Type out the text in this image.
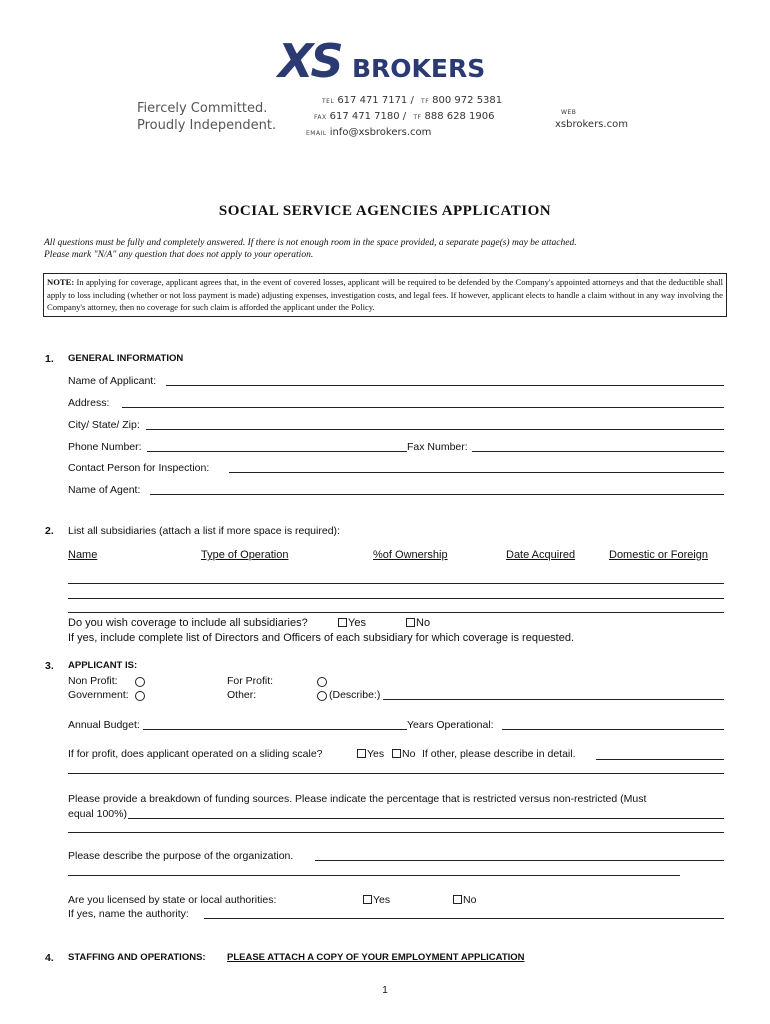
XS BROKERS
Fiercely Committed.
Proudly Independent.
TEL 617 471 7171 / TF 800 972 5381
FAX 617 471 7180 / TF 888 628 1906
EMAIL info@xsbrokers.com
WEB
xsbrokers.com
SOCIAL SERVICE AGENCIES APPLICATION
All questions must be fully and completely answered. If there is not enough room in the space provided, a separate page(s) may be attached.
Please mark "N/A" any question that does not apply to your operation.
NOTE: In applying for coverage, applicant agrees that, in the event of covered losses, applicant will be required to be defended by the Company's appointed attorneys and that the deductible shall apply to loss including (whether or not loss payment is made) adjusting expenses, investigation costs, and legal fees. If however, applicant elects to handle a claim without in any way involving the Company's attorney, then no coverage for such claim is afforded the applicant under the Policy.
1. GENERAL INFORMATION
Name of Applicant:
Address:
City/ State/ Zip:
Phone Number:	Fax Number:
Contact Person for Inspection:
Name of Agent:
2. List all subsidiaries (attach a list if more space is required):
Name	Type of Operation	%of Ownership	Date Acquired	Domestic or Foreign
Do you wish coverage to include all subsidiaries?	Yes	No
If yes, include complete list of Directors and Officers of each subsidiary for which coverage is requested.
3. APPLICANT IS:
Non Profit:
Government:
For Profit:
Other:	(Describe:)
Annual Budget:	Years Operational:
If for profit, does applicant operated on a sliding scale?	Yes	No If other, please describe in detail.
Please provide a breakdown of funding sources. Please indicate the percentage that is restricted versus non-restricted (Must
equal 100%)
Please describe the purpose of the organization.
Are you licensed by state or local authorities:	Yes	No
If yes, name the authority:
4. STAFFING AND OPERATIONS: PLEASE ATTACH A COPY OF YOUR EMPLOYMENT APPLICATION
1
